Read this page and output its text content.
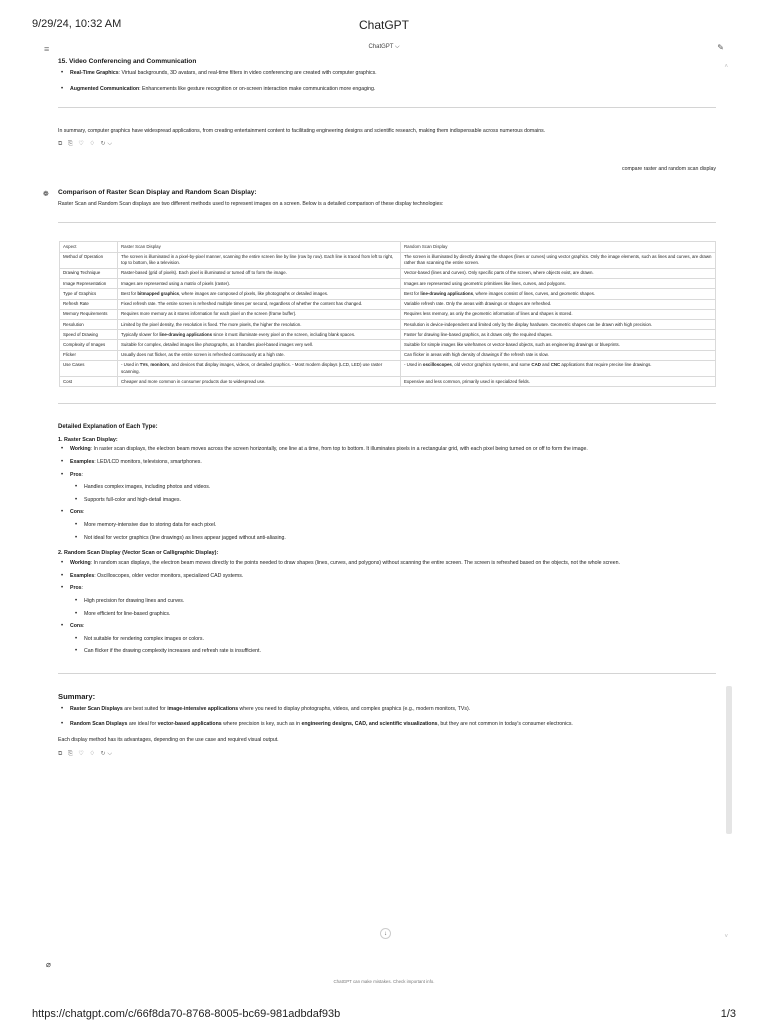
9/29/24, 10:32 AM	ChatGPT
≡	ChatGPT ⌵	✎
˄
15. Video Conferencing and Communication
• Real-Time Graphics: Virtual backgrounds, 3D avatars, and real-time filters in video conferencing are created with computer graphics.
• Augmented Communication: Enhancements like gesture recognition or on-screen interaction make communication more engaging.
In summary, computer graphics have widespread applications, from creating entertainment content to facilitating engineering designs and scientific research, making them indispensable across numerous domains.
⧉ ⎘ ♡ ♢ ↻⌵
compare raster and random scan display
❁ Comparison of Raster Scan Display and Random Scan Display:
Raster Scan and Random Scan displays are two different methods used to represent images on a screen. Below is a detailed comparison of these display technologies:
Aspect	Raster Scan Display	Random Scan Display
Method of Operation	The screen is illuminated in a pixel-by-pixel manner, scanning the entire screen line by line (row by row). Each line is traced from left to right, top to bottom, like a television.	The screen is illuminated by directly drawing the shapes (lines or curves) using vector graphics. Only the image elements, such as lines and curves, are drawn rather than scanning the entire screen.
Drawing Technique	Raster-based (grid of pixels). Each pixel is illuminated or turned off to form the image.	Vector-based (lines and curves). Only specific parts of the screen, where objects exist, are drawn.
Image Representation	Images are represented using a matrix of pixels (raster).	Images are represented using geometric primitives like lines, curves, and polygons.
Type of Graphics	Best for bitmapped graphics, where images are composed of pixels, like photographs or detailed images.	Best for line-drawing applications, where images consist of lines, curves, and geometric shapes.
Refresh Rate	Fixed refresh rate. The entire screen is refreshed multiple times per second, regardless of whether the content has changed.	Variable refresh rate. Only the areas with drawings or shapes are refreshed.
Memory Requirements	Requires more memory as it stores information for each pixel on the screen (frame buffer).	Requires less memory, as only the geometric information of lines and shapes is stored.
Resolution	Limited by the pixel density, the resolution is fixed. The more pixels, the higher the resolution.	Resolution is device-independent and limited only by the display hardware. Geometric shapes can be drawn with high precision.
Speed of Drawing	Typically slower for line-drawing applications since it must illuminate every pixel on the screen, including blank spaces.	Faster for drawing line-based graphics, as it draws only the required shapes.
Complexity of Images	Suitable for complex, detailed images like photographs, as it handles pixel-based images very well.	Suitable for simple images like wireframes or vector-based objects, such as engineering drawings or blueprints.
Flicker	Usually does not flicker, as the entire screen is refreshed continuously at a high rate.	Can flicker in areas with high density of drawings if the refresh rate is slow.
Use Cases	- Used in TVs, monitors, and devices that display images, videos, or detailed graphics. - Most modern displays (LCD, LED) use raster scanning.	- Used in oscilloscopes, old vector graphics systems, and some CAD and CNC applications that require precise line drawings.
Cost	Cheaper and more common in consumer products due to widespread use.	Expensive and less common, primarily used in specialized fields.
Detailed Explanation of Each Type:
1. Raster Scan Display:
• Working: In raster scan displays, the electron beam moves across the screen horizontally, one line at a time, from top to bottom. It illuminates pixels in a rectangular grid, with each pixel being turned on or off to form the image.
• Examples: LED/LCD monitors, televisions, smartphones.
• Pros:
• Handles complex images, including photos and videos.
• Supports full-color and high-detail images.
• Cons:
• More memory-intensive due to storing data for each pixel.
• Not ideal for vector graphics (line drawings) as lines appear jagged without anti-aliasing.
2. Random Scan Display (Vector Scan or Calligraphic Display):
• Working: In random scan displays, the electron beam moves directly to the points needed to draw shapes (lines, curves, and polygons) without scanning the entire screen. The screen is refreshed based on the objects, not the whole screen.
• Examples: Oscilloscopes, older vector monitors, specialized CAD systems.
• Pros:
• High precision for drawing lines and curves.
• More efficient for line-based graphics.
• Cons:
• Not suitable for rendering complex images or colors.
• Can flicker if the drawing complexity increases and refresh rate is insufficient.
Summary:
• Raster Scan Displays are best suited for image-intensive applications where you need to display photographs, videos, and complex graphics (e.g., modern monitors, TVs).
• Random Scan Displays are ideal for vector-based applications where precision is key, such as in engineering designs, CAD, and scientific visualizations, but they are not common in today's consumer electronics.
Each display method has its advantages, depending on the use case and required visual output.
⧉ ⎘ ♡ ♢ ↻⌵
˅
↓
⌀
ChatGPT can make mistakes. Check important info.
https://chatgpt.com/c/66f8da70-8768-8005-bc69-981adbdaf93b	1/3
